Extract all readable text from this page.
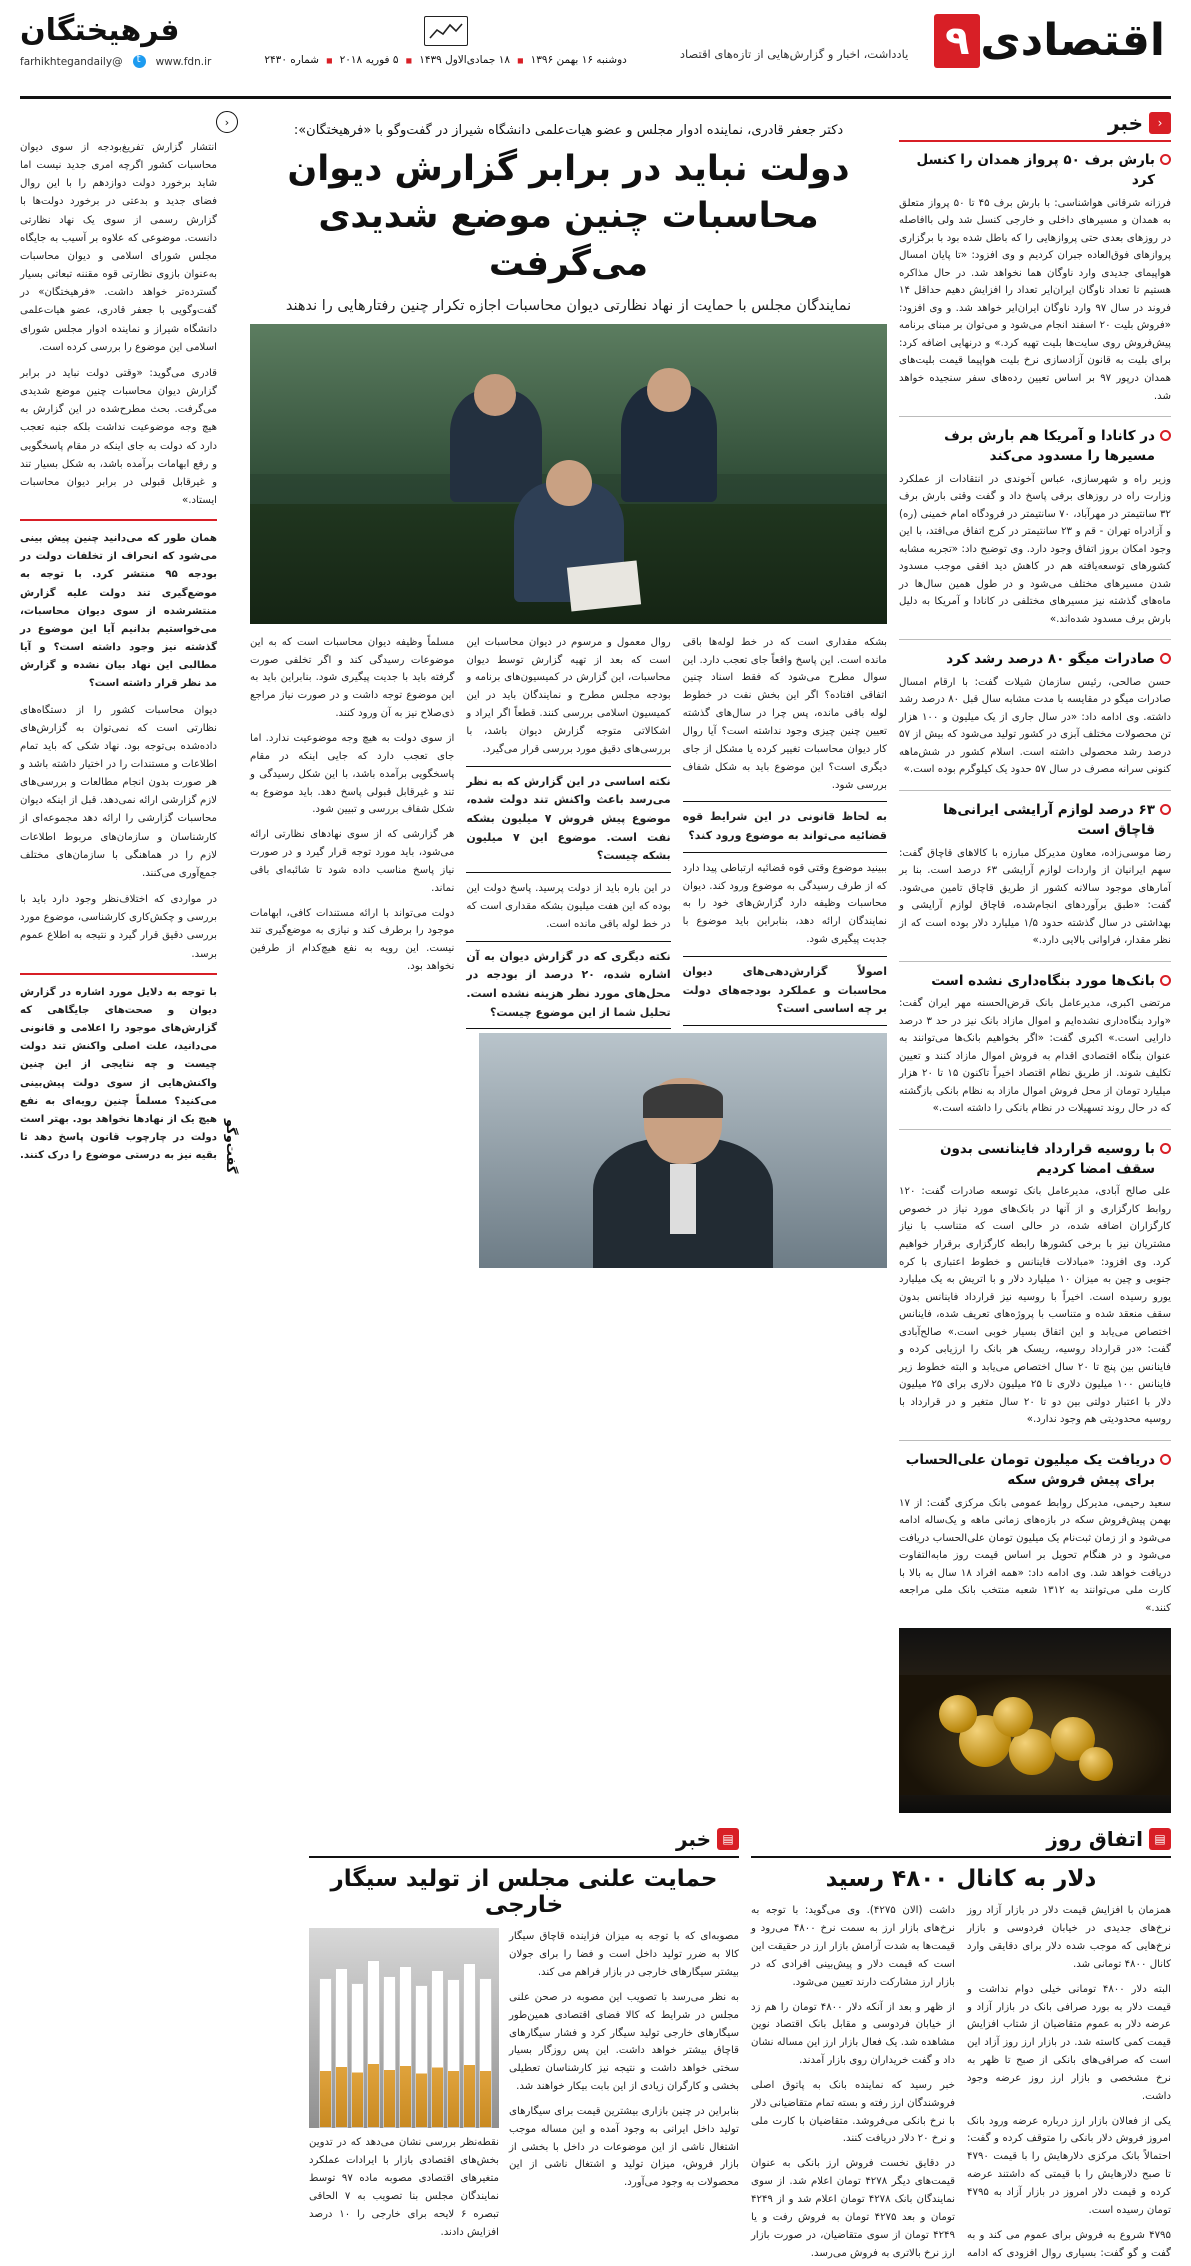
اقتصادی
۹
یادداشت، اخبار و گزارش‌هایی از تازه‌های اقتصاد
دوشنبه ۱۶ بهمن ۱۳۹۶
◼
۱۸ جمادی‌الاول ۱۴۳۹
◼
۵ فوریه ۲۰۱۸
◼
شماره ۲۴۳۰
فرهیختگان
www.fdn.ir
t
@farhikhtegandaily
‹
خبر
بارش برف ۵۰ پرواز همدان را کنسل کرد
فرزانه شرقانی هواشناسی: با بارش برف ۴۵ تا ۵۰ پرواز متعلق به همدان و مسیرهای داخلی و خارجی کنسل شد ولی باافاصله در روزهای بعدی حتی پروازهایی را که باطل شده بود با برگزاری پروازهای فوق‌العاده جبران کردیم و وی افزود: «تا پایان امسال هواپیمای جدیدی وارد ناوگان هما نخواهد شد. در حال مذاکره هستیم تا تعداد ناوگان ایران‌ایر تعداد را افزایش دهیم حداقل ۱۴ فروند در سال ۹۷ وارد ناوگان ایران‌ایر خواهد شد. و وی افزود: «فروش بلیت ۲۰ اسفند انجام می‌شود و می‌توان بر مبنای برنامه پیش‌فروش روی سایت‌ها بلیت تهیه کرد.» و درنهایی اضافه کرد: برای بلیت به قانون آزادسازی نرخ بلیت هواپیما قیمت بلیت‌های همدان درپور ۹۷ بر اساس تعیین رده‌های سفر سنجیده خواهد شد.
در کانادا و آمریکا هم بارش برف مسیرها را مسدود می‌کند
وزیر راه و شهرسازی، عباس آخوندی در انتقادات از عملکرد وزارت راه در روزهای برفی پاسخ داد و گفت وقتی بارش برف ۳۲ سانتیمتر در مهرآباد، ۷۰ سانتیمتر در فرودگاه امام خمینی (ره) و آزادراه تهران - قم و ۲۳ سانتیمتر در کرج اتفاق می‌افتد، با این وجود امکان بروز اتفاق وجود دارد. وی توضیح داد: «تجربه مشابه کشورهای توسعه‌یافته هم در کاهش دید افقی موجب مسدود شدن مسیرهای مختلف می‌شود و در طول همین سال‌ها در ماه‌های گذشته نیز مسیرهای مختلفی در کانادا و آمریکا به دلیل بارش برف مسدود شده‌اند.»
صادرات میگو ۸۰ درصد رشد کرد
حسن صالحی، رئیس سازمان شیلات گفت: با ارقام امسال صادرات میگو در مقایسه با مدت مشابه سال قبل ۸۰ درصد رشد داشته. وی ادامه داد: «در سال جاری از یک میلیون و ۱۰۰ هزار تن محصولات مختلف آبزی در کشور تولید می‌شود که بیش از ۵۷ درصد رشد محصولی داشته است. اسلام کشور در شش‌ماهه کنونی سرانه مصرف در سال ۵۷ حدود یک کیلوگرم بوده است.»
۶۳ درصد لوازم آرایشی ایرانی‌ها قاچاق است
رضا موسی‌زاده، معاون مدیرکل مبارزه با کالاهای قاچاق گفت: سهم ایرانیان از واردات لوازم آرایشی ۶۳ درصد است. بنا بر آمارهای موجود سالانه کشور از طریق قاچاق تامین می‌شود. گفت: «طبق برآوردهای انجام‌شده، قاچاق لوازم آرایشی و بهداشتی در سال گذشته حدود ۱/۵ میلیارد دلار بوده است که از نظر مقدار، فراوانی بالایی دارد.»
بانک‌ها مورد بنگاه‌داری نشده است
مرتضی اکبری، مدیرعامل بانک قرض‌الحسنه مهر ایران گفت: «وارد بنگاه‌داری نشده‌ایم و اموال مازاد بانک نیز در حد ۳ درصد دارایی است.» اکبری گفت: «اگر بخواهیم بانک‌ها می‌توانند به عنوان بنگاه اقتصادی اقدام به فروش اموال مازاد کنند و تعیین تکلیف شوند. از طریق نظام اقتصاد اخیراً تاکنون ۱۵ تا ۲۰ هزار میلیارد تومان از محل فروش اموال مازاد به نظام بانکی بازگشته که در حال روند تسهیلات در نظام بانکی را داشته است.»
با روسیه قرارداد فاینانسی بدون سقف امضا کردیم
علی صالح آبادی، مدیرعامل بانک توسعه صادرات گفت: ۱۲۰ روابط کارگزاری و از آنها در بانک‌های مورد نیاز در خصوص کارگزاران اضافه شده، در حالی است که متناسب با نیاز مشتریان نیز با برخی کشورها رابطه کارگزاری برقرار خواهیم کرد. وی افزود: «مبادلات فاینانس و خطوط اعتباری با کره جنوبی و چین به میزان ۱۰ میلیارد دلار و با اتریش به یک میلیارد یورو رسیده است. اخیراً با روسیه نیز قرارداد فاینانس بدون سقف منعقد شده و متناسب با پروژه‌های تعریف شده، فاینانس اختصاص می‌یابد و این اتفاق بسیار خوبی است.» صالح‌آبادی گفت: «در قرارداد روسیه، ریسک هر بانک را ارزیابی کرده و فاینانس بین پنج تا ۲۰ سال اختصاص می‌یابد و البته خطوط زیر فاینانس ۱۰۰ میلیون دلاری تا ۲۵ میلیون دلاری برای ۲۵ میلیون دلار با اعتبار دولتی بین دو تا ۲۰ سال متغیر و در قرارداد با روسیه محدودیتی هم وجود ندارد.»
دریافت یک میلیون تومان علی‌الحساب برای پیش فروش سکه
سعید رحیمی، مدیرکل روابط عمومی بانک مرکزی گفت: از ۱۷ بهمن پیش‌فروش سکه در بازه‌های زمانی ماهه و یک‌ساله ادامه می‌شود و از زمان ثبت‌نام یک میلیون تومان علی‌الحساب دریافت می‌شود و در هنگام تحویل بر اساس قیمت روز مابه‌التفاوت دریافت خواهد شد. وی ادامه داد: «همه افراد ۱۸ سال به بالا با کارت ملی می‌توانند به ۱۳۱۲ شعبه منتخب بانک ملی مراجعه کنند.»
دکتر جعفر قادری، نماینده ادوار مجلس و عضو هیات‌علمی دانشگاه شیراز در گفت‌وگو با «فرهیختگان»:
دولت نباید در برابر گزارش دیوان محاسبات چنین موضع شدیدی می‌گرفت
نمایندگان مجلس با حمایت از نهاد نظارتی دیوان محاسبات اجازه تکرار چنین رفتارهایی را ندهند

بشکه مقداری است که در خط لوله‌ها باقی مانده است. این پاسخ واقعاً جای تعجب دارد. این سوال مطرح می‌شود که فقط اسناد چنین اتفاقی افتاده؟ اگر این بخش نفت در خطوط لوله باقی مانده، پس چرا در سال‌های گذشته تعیین چنین چیزی وجود نداشته است؟ آیا روال کار دیوان محاسبات تغییر کرده یا مشکل از جای دیگری است؟ این موضوع باید به شکل شفاف بررسی شود.

به لحاظ قانونی در این شرایط قوه قضائیه می‌تواند به موضوع ورود کند؟

ببینید موضوع وقتی قوه قضائیه ارتباطی پیدا دارد که از طرف رسیدگی به موضوع ورود کند. دیوان محاسبات وظیفه دارد گزارش‌های خود را به نمایندگان ارائه دهد، بنابراین باید موضوع با جدیت پیگیری شود.

اصولاً گزارش‌دهی‌های دیوان محاسبات و عملکرد بودجه‌های دولت بر چه اساسی است؟

روال معمول و مرسوم در دیوان محاسبات این است که بعد از تهیه گزارش توسط دیوان محاسبات، این گزارش در کمیسیون‌های برنامه و بودجه مجلس مطرح و نمایندگان باید در این کمیسیون اسلامی بررسی کنند. قطعاً اگر ایراد و اشکالاتی متوجه گزارش دیوان باشد، با بررسی‌های دقیق مورد بررسی قرار می‌گیرد.

نکته اساسی در این گزارش که به نظر می‌رسد باعث واکنش تند دولت شده، موضوع پیش فروش ۷ میلیون بشکه نفت است. موضوع این ۷ میلیون بشکه چیست؟

در این باره باید از دولت پرسید. پاسخ دولت این بوده که این هفت میلیون بشکه مقداری است که در خط لوله باقی مانده است.

نکته دیگری که در گزارش دیوان به آن اشاره شده، ۲۰ درصد از بودجه در محل‌های مورد نظر هزینه نشده است. تحلیل شما از این موضوع چیست؟

مسلماً وظیفه دیوان محاسبات است که به این موضوعات رسیدگی کند و اگر تخلفی صورت گرفته باید با جدیت پیگیری شود. بنابراین باید به این موضوع توجه داشت و در صورت نیاز مراجع ذی‌صلاح نیز به آن ورود کنند.

از سوی دولت به هیچ وجه موضوعیت ندارد. اما جای تعجب دارد که جایی اینکه در مقام پاسخگویی برآمده باشد، با این شکل رسیدگی و تند و غیرقابل قبولی پاسخ دهد. باید موضوع به شکل شفاف بررسی و تبیین شود.

هر گزارشی که از سوی نهادهای نظارتی ارائه می‌شود، باید مورد توجه قرار گیرد و در صورت نیاز پاسخ مناسب داده شود تا شائبه‌ای باقی نماند.

دولت می‌تواند با ارائه مستندات کافی، ابهامات موجود را برطرف کند و نیازی به موضع‌گیری تند نیست. این رویه به نفع هیچ‌کدام از طرفین نخواهد بود.

‹
گفت‌وگو

انتشار گزارش تفریغ‌بودجه از سوی دیوان محاسبات کشور اگرچه امری جدید نیست اما شاید برخورد دولت دوازدهم را با این روال فضای جدید و بدعتی در برخورد دولت‌ها با گزارش رسمی از سوی یک نهاد نظارتی دانست. موضوعی که علاوه بر آسیب به جایگاه مجلس شورای اسلامی و دیوان محاسبات به‌عنوان بازوی نظارتی قوه مقننه تبعاتی بسیار گسترده‌تر خواهد داشت. «فرهیختگان» در گفت‌وگویی با جعفر قادری، عضو هیات‌علمی دانشگاه شیراز و نماینده ادوار مجلس شورای اسلامی این موضوع را بررسی کرده است.

قادری می‌گوید: «وقتی دولت نباید در برابر گزارش دیوان محاسبات چنین موضع شدیدی می‌گرفت. بحث مطرح‌شده در این گزارش به هیچ وجه موضوعیت نداشت بلکه جنبه تعجب دارد که دولت به جای اینکه در مقام پاسخگویی و رفع ابهامات برآمده باشد، به شکل بسیار تند و غیرقابل قبولی در برابر دیوان محاسبات ایستاد.»

همان طور که می‌دانید چنین پیش بینی می‌شود که انحراف از تخلفات دولت در بودجه ۹۵ منتشر کرد. با توجه به موضع‌گیری تند دولت علیه گزارش منتشرشده از سوی دیوان محاسبات، می‌خواستیم بدانیم آیا این موضوع در گذشته نیز وجود داشته است؟ و آیا مطالبی این نهاد بیان نشده و گزارش مد نظر قرار داشته است؟

دیوان محاسبات کشور را از دستگاه‌های نظارتی است که نمی‌توان به گزارش‌های داده‌شده بی‌توجه بود. نهاد شکی که باید تمام اطلاعات و مستندات را در اختیار داشته باشد و هر صورت بدون انجام مطالعات و بررسی‌های لازم گزارشی ارائه نمی‌دهد. قبل از اینکه دیوان محاسبات گزارشی را ارائه دهد مجموعه‌ای از کارشناسان و سازمان‌های مربوط اطلاعات لازم را در هماهنگی با سازمان‌های مختلف جمع‌آوری می‌کنند.

در مواردی که اختلاف‌نظر وجود دارد باید با بررسی و چکش‌کاری کارشناسی، موضوع مورد بررسی دقیق قرار گیرد و نتیجه به اطلاع عموم برسد.

با توجه به دلایل مورد اشاره در گزارش دیوان و صحت‌های جایگاهی که گزارش‌های موجود را اعلامی و قانونی می‌دانید، علت اصلی واکنش تند دولت چیست و چه نتایجی از این چنین واکنش‌هایی از سوی دولت پیش‌بینی می‌کنید؟ مسلماً چنین رویه‌ای به نفع هیچ یک از نهادها نخواهد بود. بهتر است دولت در چارچوب قانون پاسخ دهد تا بقیه نیز به درستی موضوع را درک کنند.

▤
اتفاق روز
دلار به کانال ۴۸۰۰ رسید

همزمان با افزایش قیمت دلار در بازار آزاد روز نرخ‌های جدیدی در خیابان فردوسی و بازار نرخ‌هایی که موجب شده دلار برای دقایقی وارد کانال ۴۸۰۰ تومانی شد.

البته دلار ۴۸۰۰ تومانی خیلی دوام نداشت و قیمت دلار به بورد صرافی بانک در بازار آزاد و عرضه دلار به عموم متقاضیان از شتاب افزایش قیمت کمی کاسته شد. در بازار ارز روز آزاد این است که صرافی‌های بانکی از صبح تا ظهر به نرخ مشخصی و بازار ارز روز عرضه وجود داشت.

یکی از فعالان بازار ارز درباره عرضه ورود بانک امروز فروش دلار بانکی را متوقف کرده و گفت: احتمالاً بانک مرکزی دلارهایش را با قیمت ۴۷۹۰ تا صبح دلارهایش را با قیمتی که داشتند عرضه کرده و قیمت دلار امروز در بازار آزاد به ۴۷۹۵ تومان رسیده است.

۴۷۹۵ شروع به فروش برای عموم می کند و به گفت و گو گفت: بسیاری روال افزودی که ادامه داشت (الان ۴۲۷۵). وی می‌گوید: با توجه به نرخ‌های بازار ارز به سمت نرخ ۴۸۰۰ می‌رود و قیمت‌ها به شدت آرامش بازار ارز در حقیقت این است که قیمت دلار و پیش‌بینی افرادی که در بازار ارز مشارکت دارند تعیین می‌شود.

از ظهر و بعد از آنکه دلار ۴۸۰۰ تومان را هم زد از خیابان فردوسی و مقابل بانک اقتصاد نوین مشاهده شد. یک فعال بازار ارز این مساله نشان داد و گفت خریداران روی بازار آمدند.

خبر رسید که نماینده بانک به پاتوق اصلی فروشندگان ارز رفته و بسته تمام متقاضیانی دلار با نرخ بانکی می‌فروشد. متقاضیان با کارت ملی و نرخ ۲۰ دلار دریافت کنند.

در دقایق نخست فروش ارز بانکی به عنوان قیمت‌های دیگر ۴۲۷۸ تومان اعلام شد. از سوی نمایندگان بانک ۴۲۷۸ تومان اعلام شد و از ۴۲۴۹ تومان و بعد ۴۲۷۵ تومان به فروش رفت و یا ۴۲۴۹ تومان از سوی متقاضیان، در صورت بازار ارز نرخ بالاتری به فروش می‌رسد.

▤
خبر
حمایت علنی مجلس از تولید سیگار خارجی

مصوبه‌ای که با توجه به میزان فزاینده قاچاق سیگار کالا به ضرر تولید داخل است و فضا را برای جولان بیشتر سیگارهای خارجی در بازار فراهم می کند.

به نظر می‌رسد با تصویب این مصوبه در صحن علنی مجلس در شرایط که کالا فضای اقتصادی همین‌طور سیگارهای خارجی تولید سیگار کرد و فشار سیگارهای قاچاق بیشتر خواهد داشت. این پس روزگار بسیار سختی خواهد داشت و نتیجه نیز کارشناسان تعطیلی بخشی و کارگران زیادی از این بابت بیکار خواهند شد.

بنابراین در چنین بازاری بیشترین قیمت برای سیگارهای تولید داخل ایرانی به وجود آمده و این مساله موجب اشتغال ناشی از این موضوعات در داخل با بخشی از بازار فروش، میزان تولید و اشتغال ناشی از این محصولات به وجود می‌آورد.

نقطه‌نظر بررسی نشان می‌دهد که در تدوین بخش‌های اقتصادی بازار با ایرادات عملکرد متغیرهای اقتصادی مصوبه ماده ۹۷ توسط نمایندگان مجلس بنا تصویب به ۷ الحاقی تبصره ۶ لایحه برای خارجی را ۱۰ درصد افزایش دادند.
